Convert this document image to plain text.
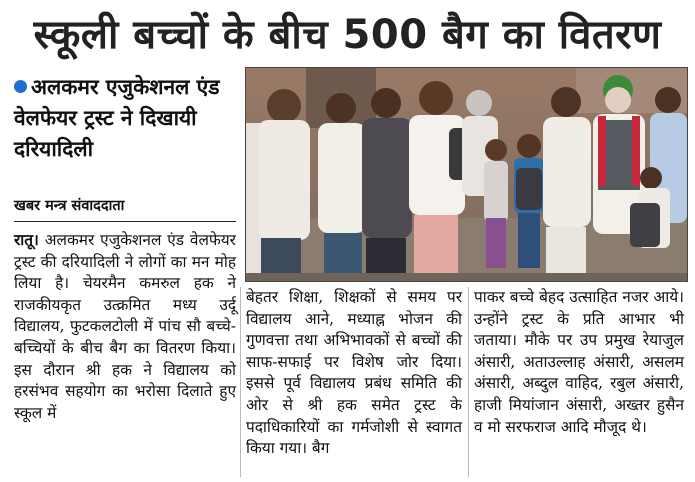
स्कूली बच्चों के बीच 500 बैग का वितरण
अलकमर एजुकेशनल एंड वेलफेयर ट्रस्ट ने दिखायी दरियादिली
खबर मन्त्र संवाददाता
रातू। अलकमर एजुकेशनल एंड वेलफेयर ट्रस्ट की दरियादिली ने लोगों का मन मोह लिया है। चेयरमैन कमरुल हक ने राजकीयकृत उत्क्रमित मध्य उर्दू विद्यालय, फुटकलटोली में पांच सौ बच्चे-बच्चियों के बीच बैग का वितरण किया। इस दौरान श्री हक ने विद्यालय को हरसंभव सहयोग का भरोसा दिलाते हुए स्कूल में
बेहतर शिक्षा, शिक्षकों से समय पर विद्यालय आने, मध्याह्न भोजन की गुणवत्ता तथा अभिभावकों से बच्चों की साफ-सफाई पर विशेष जोर दिया। इससे पूर्व विद्यालय प्रबंध समिति की ओर से श्री हक समेत ट्रस्ट के पदाधिकारियों का गर्मजोशी से स्वागत किया गया। बैग
पाकर बच्चे बेहद उत्साहित नजर आये। उन्होंने ट्रस्ट के प्रति आभार भी जताया। मौके पर उप प्रमुख रेयाजुल अंसारी, अताउल्लाह अंसारी, असलम अंसारी, अब्दुल वाहिद, रबुल अंसारी, हाजी मियांजान अंसारी, अख्तर हुसैन व मो सरफराज आदि मौजूद थे।
